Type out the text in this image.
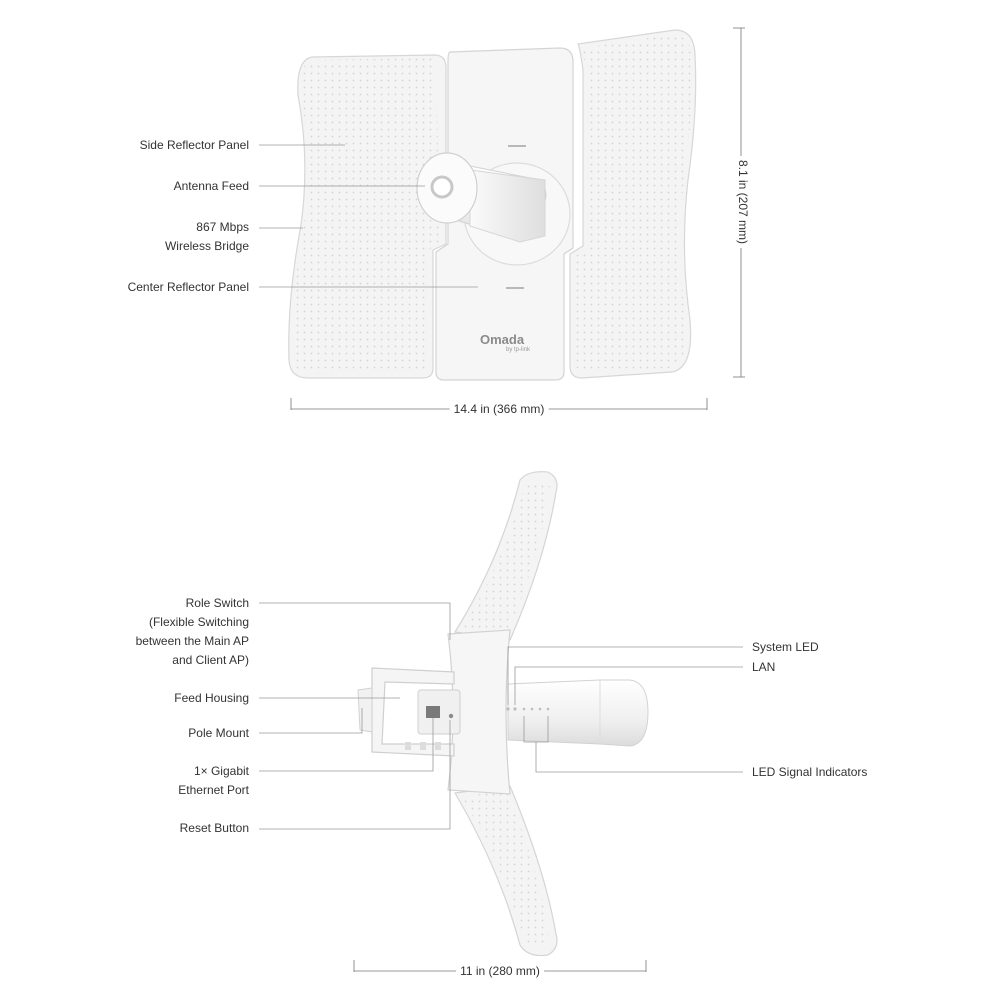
Omada
by tp-link
Side Reflector Panel
Antenna Feed
867 Mbps
Wireless Bridge
Center Reflector Panel
8.1 in (207 mm)
14.4 in (366 mm)
Role Switch
(Flexible Switching
between the Main AP
and Client AP)
Feed Housing
Pole Mount
1× Gigabit
Ethernet Port
Reset Button
System LED
LAN
LED Signal Indicators
11 in (280 mm)
